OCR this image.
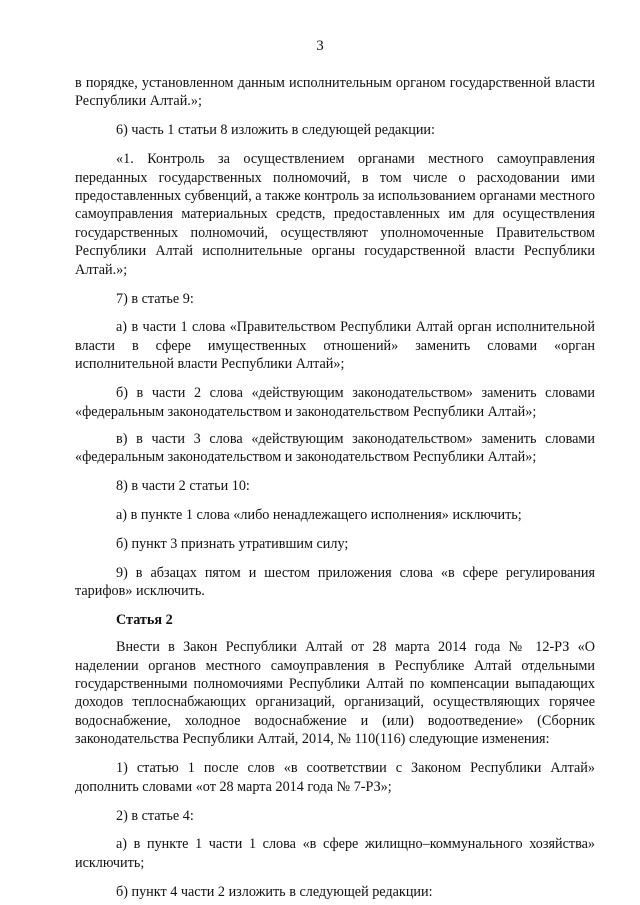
3

в порядке, установленном данным исполнительным органом государственной власти Республики Алтай.»;

6) часть 1 статьи 8 изложить в следующей редакции:

«1. Контроль за осуществлением органами местного самоуправления переданных государственных полномочий, в том числе о расходовании ими предоставленных субвенций, а также контроль за использованием органами местного самоуправления материальных средств, предоставленных им для осуществления государственных полномочий, осуществляют уполномоченные Правительством Республики Алтай исполнительные органы государственной власти Республики Алтай.»;

7) в статье 9:

а) в части 1 слова «Правительством Республики Алтай орган исполнительной власти в сфере имущественных отношений» заменить словами «орган исполнительной власти Республики Алтай»;

б) в части 2 слова «действующим законодательством» заменить словами «федеральным законодательством и законодательством Республики Алтай»;

в) в части 3 слова «действующим законодательством» заменить словами «федеральным законодательством и законодательством Республики Алтай»;

8) в части 2 статьи 10:

а) в пункте 1 слова «либо ненадлежащего исполнения» исключить;

б) пункт 3 признать утратившим силу;

9) в абзацах пятом и шестом приложения слова «в сфере регулирования тарифов» исключить.

Статья 2

Внести в Закон Республики Алтай от 28 марта 2014 года № 12-РЗ «О наделении органов местного самоуправления в Республике Алтай отдельными государственными полномочиями Республики Алтай по компенсации выпадающих доходов теплоснабжающих организаций, организаций, осуществляющих горячее водоснабжение, холодное водоснабжение и (или) водоотведение» (Сборник законодательства Республики Алтай, 2014, № 110(116) следующие изменения:

1) статью 1 после слов «в соответствии с Законом Республики Алтай» дополнить словами «от 28 марта 2014 года № 7-РЗ»;

2) в статье 4:

а) в пункте 1 части 1 слова «в сфере жилищно–коммунального хозяйства» исключить;

б) пункт 4 части 2 изложить в следующей редакции:
